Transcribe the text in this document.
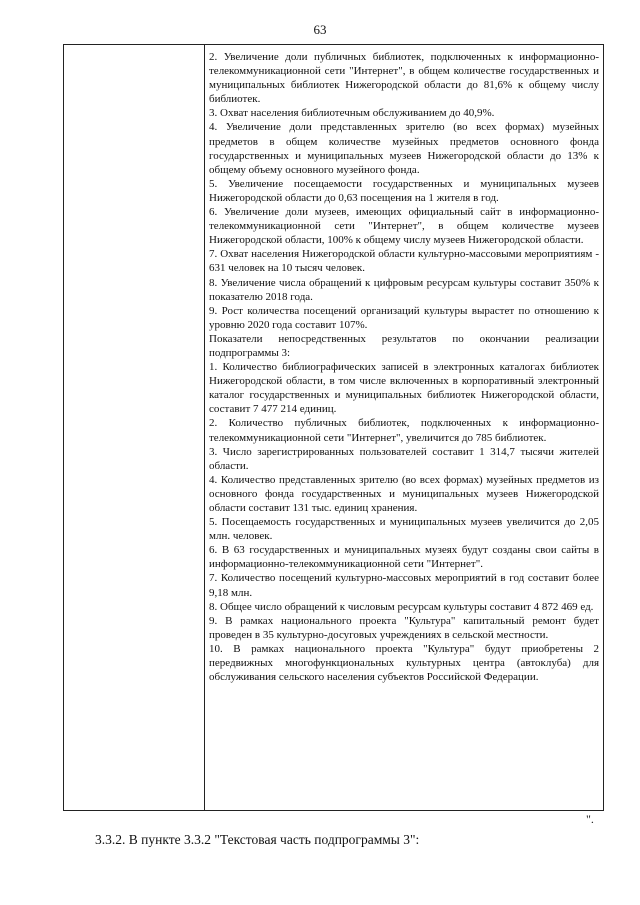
63

2. Увеличение доли публичных библиотек, подключенных к информационно-телекоммуникационной сети "Интернет", в общем количестве государственных и муниципальных библиотек Нижегородской области до 81,6% к общему числу библиотек.

3. Охват населения библиотечным обслуживанием до 40,9%.

4. Увеличение доли представленных зрителю (во всех формах) музейных предметов в общем количестве музейных предметов основного фонда государственных и муниципальных музеев Нижегородской области до 13% к общему объему основного музейного фонда.

5. Увеличение посещаемости государственных и муниципальных музеев Нижегородской области до 0,63 посещения на 1 жителя в год.

6. Увеличение доли музеев, имеющих официальный сайт в информационно-телекоммуникационной сети "Интернет", в общем количестве музеев Нижегородской области, 100% к общему числу музеев Нижегородской области.

7. Охват населения Нижегородской области культурно-массовыми мероприятиям - 631 человек на 10 тысяч человек.

8. Увеличение числа обращений к цифровым ресурсам культуры составит 350% к показателю 2018 года.

9. Рост количества посещений организаций культуры вырастет по отношению к уровню 2020 года составит 107%.

Показатели непосредственных результатов по окончании реализации подпрограммы 3:

1. Количество библиографических записей в электронных каталогах библиотек Нижегородской области, в том числе включенных в корпоративный электронный каталог государственных и муниципальных библиотек Нижегородской области, составит 7 477 214 единиц.

2. Количество публичных библиотек, подключенных к информационно-телекоммуникационной сети "Интернет", увеличится до 785 библиотек.

3. Число зарегистрированных пользователей составит 1 314,7 тысячи жителей области.

4. Количество представленных зрителю (во всех формах) музейных предметов из основного фонда государственных и муниципальных музеев Нижегородской области составит 131 тыс. единиц хранения.

5. Посещаемость государственных и муниципальных музеев увеличится до 2,05 млн. человек.

6. В 63 государственных и муниципальных музеях будут созданы свои сайты в информационно-телекоммуникационной сети "Интернет".

7. Количество посещений культурно-массовых мероприятий в год составит более 9,18 млн.

8. Общее число обращений к числовым ресурсам культуры составит 4 872 469 ед.

9. В рамках национального проекта "Культура" капитальный ремонт будет проведен в 35 культурно-досуговых учреждениях в сельской местности.

10. В рамках национального проекта "Культура" будут приобретены 2 передвижных многофункциональных культурных центра (автоклуба) для обслуживания сельского населения субъектов Российской Федерации.

".
3.3.2. В пункте 3.3.2 "Текстовая часть подпрограммы 3":
